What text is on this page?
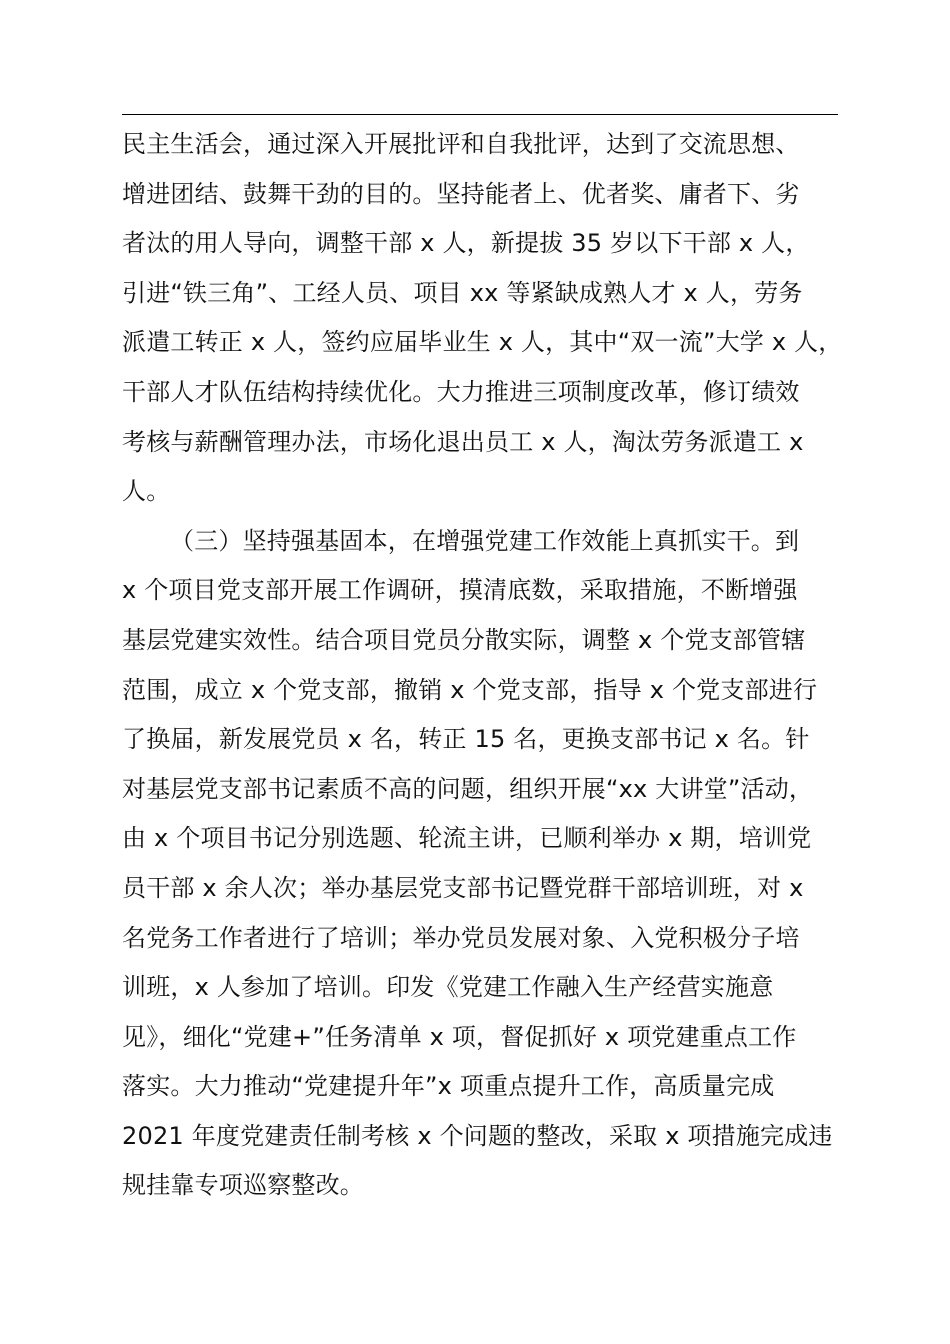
民主生活会，通过深入开展批评和自我批评，达到了交流思想、
增进团结、鼓舞干劲的目的。坚持能者上、优者奖、庸者下、劣
者汰的用人导向，调整干部 x 人，新提拔 35 岁以下干部 x 人，
引进“铁三角”、工经人员、项目 xx 等紧缺成熟人才 x 人，劳务
派遣工转正 x 人，签约应届毕业生 x 人，其中“双一流”大学 x 人，
干部人才队伍结构持续优化。大力推进三项制度改革，修订绩效
考核与薪酬管理办法，市场化退出员工 x 人，淘汰劳务派遣工 x
人。
（三）坚持强基固本，在增强党建工作效能上真抓实干。到
x 个项目党支部开展工作调研，摸清底数，采取措施，不断增强
基层党建实效性。结合项目党员分散实际，调整 x 个党支部管辖
范围，成立 x 个党支部，撤销 x 个党支部，指导 x 个党支部进行
了换届，新发展党员 x 名，转正 15 名，更换支部书记 x 名。针
对基层党支部书记素质不高的问题，组织开展“xx 大讲堂”活动，
由 x 个项目书记分别选题、轮流主讲，已顺利举办 x 期，培训党
员干部 x 余人次；举办基层党支部书记暨党群干部培训班，对 x
名党务工作者进行了培训；举办党员发展对象、入党积极分子培
训班，x 人参加了培训。印发《党建工作融入生产经营实施意
见》，细化“党建+”任务清单 x 项，督促抓好 x 项党建重点工作
落实。大力推动“党建提升年”x 项重点提升工作，高质量完成
2021 年度党建责任制考核 x 个问题的整改，采取 x 项措施完成违
规挂靠专项巡察整改。
